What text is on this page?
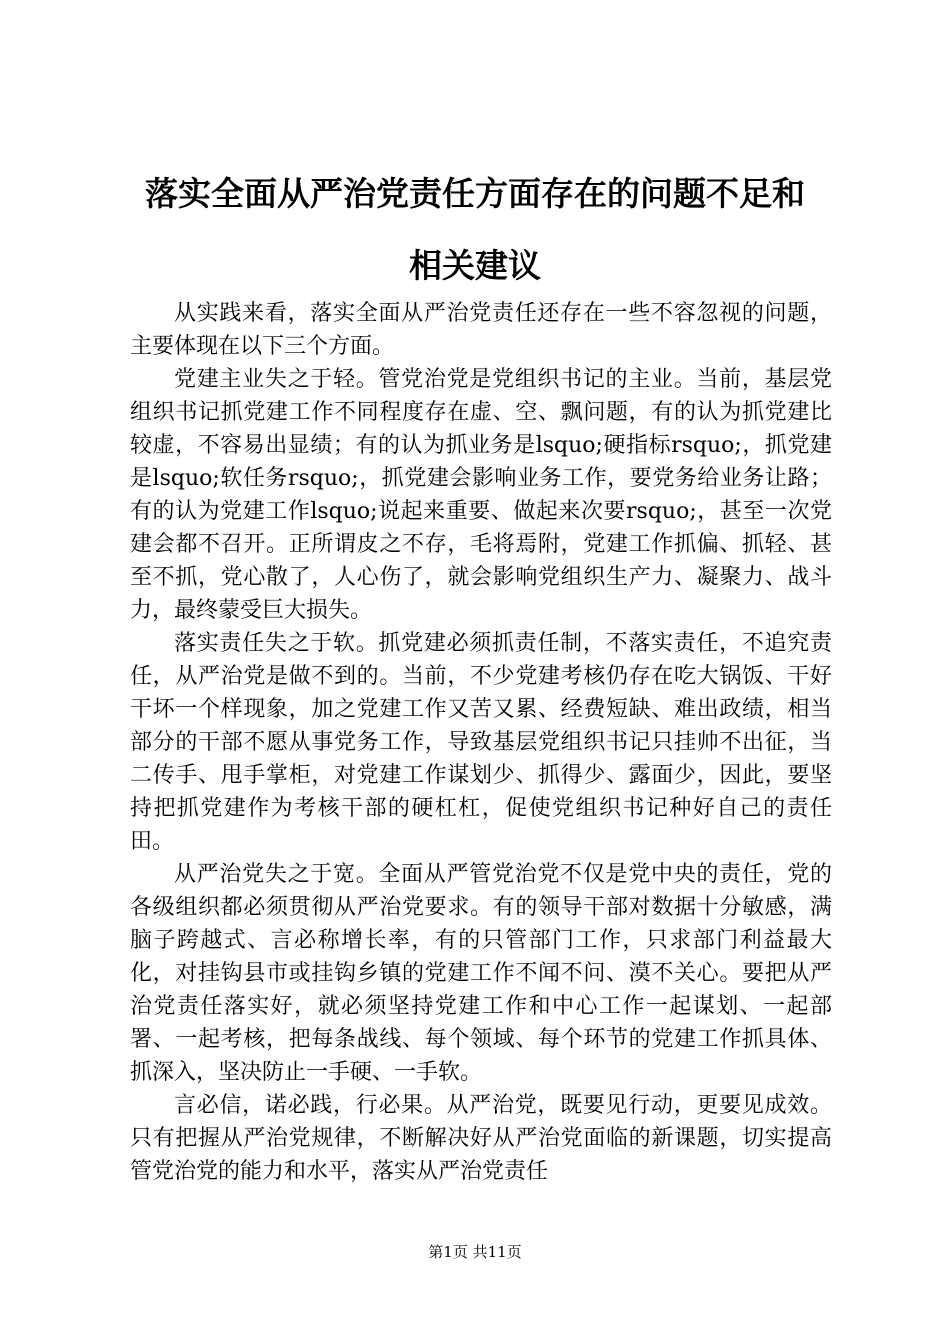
落实全面从严治党责任方面存在的问题不足和
相关建议

从实践来看，落实全面从严治党责任还存在一些不容忽视的问题，主要体现在以下三个方面。

党建主业失之于轻。管党治党是党组织书记的主业。当前，基层党组织书记抓党建工作不同程度存在虚、空、飘问题，有的认为抓党建比较虚，不容易出显绩；有的认为抓业务是lsquo;硬指标rsquo;，抓党建是lsquo;软任务rsquo;，抓党建会影响业务工作，要党务给业务让路；有的认为党建工作lsquo;说起来重要、做起来次要rsquo;，甚至一次党建会都不召开。正所谓皮之不存，毛将焉附，党建工作抓偏、抓轻、甚至不抓，党心散了，人心伤了，就会影响党组织生产力、凝聚力、战斗力，最终蒙受巨大损失。

落实责任失之于软。抓党建必须抓责任制，不落实责任，不追究责任，从严治党是做不到的。当前，不少党建考核仍存在吃大锅饭、干好干坏一个样现象，加之党建工作又苦又累、经费短缺、难出政绩，相当部分的干部不愿从事党务工作，导致基层党组织书记只挂帅不出征，当二传手、甩手掌柜，对党建工作谋划少、抓得少、露面少，因此，要坚持把抓党建作为考核干部的硬杠杠，促使党组织书记种好自己的责任田。

从严治党失之于宽。全面从严管党治党不仅是党中央的责任，党的各级组织都必须贯彻从严治党要求。有的领导干部对数据十分敏感，满脑子跨越式、言必称增长率，有的只管部门工作，只求部门利益最大化，对挂钩县市或挂钩乡镇的党建工作不闻不问、漠不关心。要把从严治党责任落实好，就必须坚持党建工作和中心工作一起谋划、一起部署、一起考核，把每条战线、每个领域、每个环节的党建工作抓具体、抓深入，坚决防止一手硬、一手软。

言必信，诺必践，行必果。从严治党，既要见行动，更要见成效。只有把握从严治党规律，不断解决好从严治党面临的新课题，切实提高管党治党的能力和水平，落实从严治党责任

第1页 共11页
